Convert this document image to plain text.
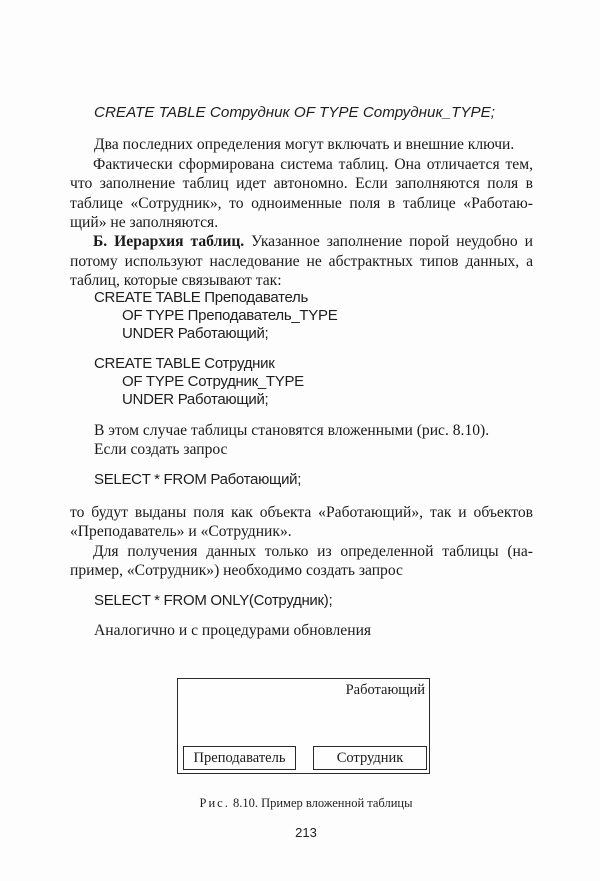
CREATE TABLE Сотрудник OF TYPE Сотрудник_TYPE;
Два последних определения могут включать и внешние ключи.
Фактически сформирована система таблиц. Она отличается тем,
что заполнение таблиц идет автономно. Если заполняются поля в
таблице «Сотрудник», то одноименные поля в таблице «Работаю-
щий» не заполняются.
Б. Иерархия таблиц. Указанное заполнение порой неудобно и
потому используют наследование не абстрактных типов данных, а
таблиц, которые связывают так:
CREATE TABLE Преподаватель
OF TYPE Преподаватель_TYPE
UNDER Работающий;
CREATE TABLE Сотрудник
OF TYPE Сотрудник_TYPE
UNDER Работающий;
В этом случае таблицы становятся вложенными (рис. 8.10).
Если создать запрос
SELECT * FROM Работающий;
то будут выданы поля как объекта «Работающий», так и объектов
«Преподаватель» и «Сотрудник».
Для получения данных только из определенной таблицы (на-
пример, «Сотрудник») необходимо создать запрос
SELECT * FROM ONLY(Сотрудник);
Аналогично и с процедурами обновления
Работающий
Преподаватель	Сотрудник
Рис. 8.10. Пример вложенной таблицы
213
